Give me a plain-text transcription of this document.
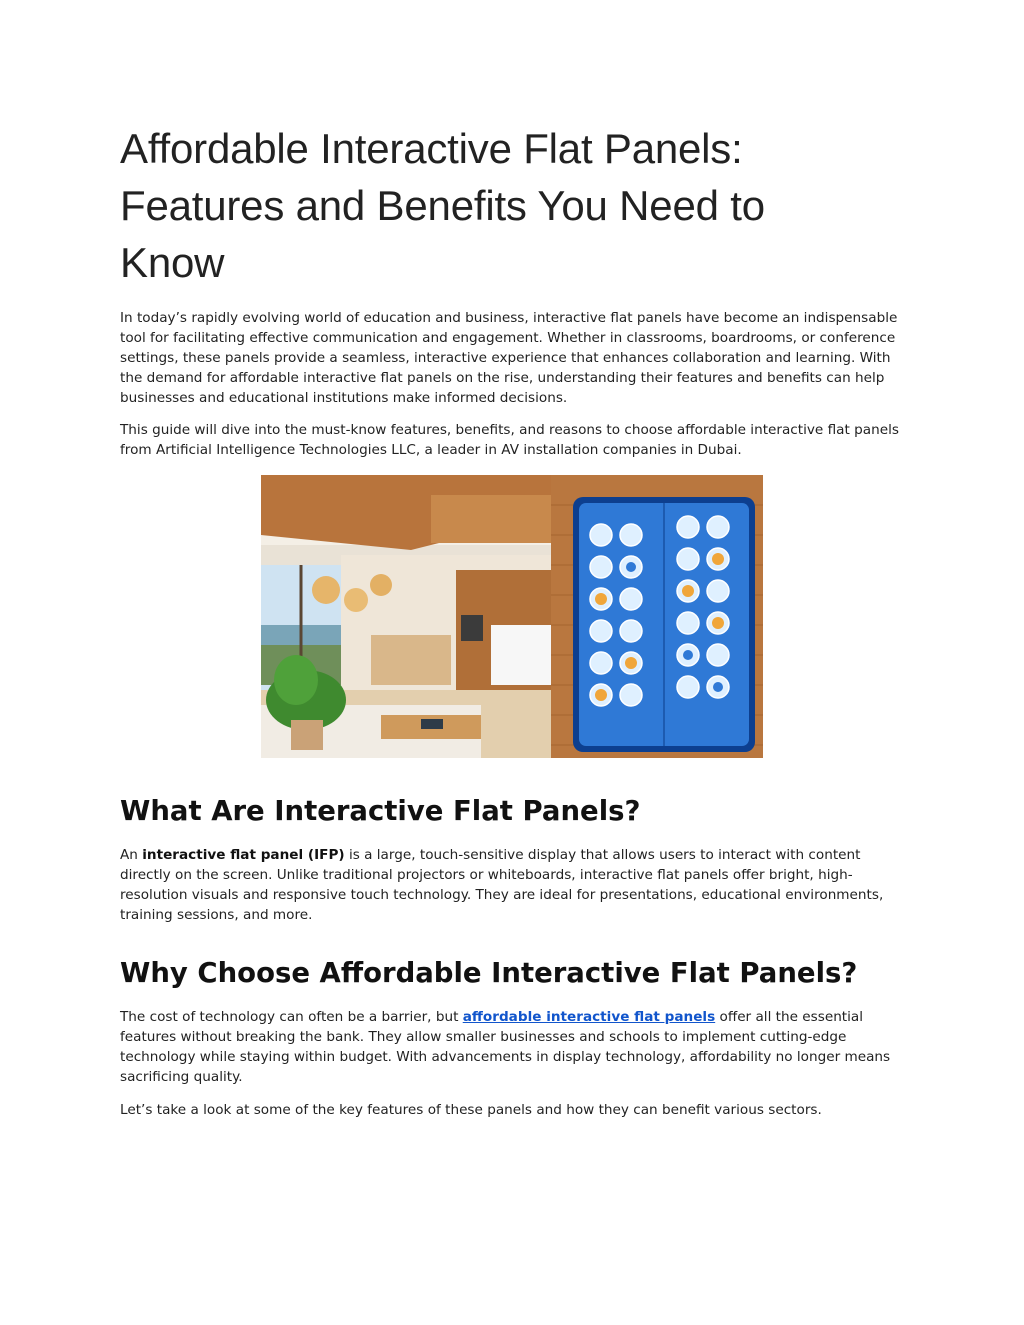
Affordable Interactive Flat Panels: Features and Benefits You Need to Know

In today’s rapidly evolving world of education and business, interactive flat panels have become an indispensable tool for facilitating effective communication and engagement. Whether in classrooms, boardrooms, or conference settings, these panels provide a seamless, interactive experience that enhances collaboration and learning. With the demand for affordable interactive flat panels on the rise, understanding their features and benefits can help businesses and educational institutions make informed decisions.

This guide will dive into the must-know features, benefits, and reasons to choose affordable interactive flat panels from Artificial Intelligence Technologies LLC, a leader in AV installation companies in Dubai.

What Are Interactive Flat Panels?

An interactive flat panel (IFP) is a large, touch-sensitive display that allows users to interact with content directly on the screen. Unlike traditional projectors or whiteboards, interactive flat panels offer bright, high-resolution visuals and responsive touch technology. They are ideal for presentations, educational environments, training sessions, and more.

Why Choose Affordable Interactive Flat Panels?

The cost of technology can often be a barrier, but affordable interactive flat panels offer all the essential features without breaking the bank. They allow smaller businesses and schools to implement cutting-edge technology while staying within budget. With advancements in display technology, affordability no longer means sacrificing quality.

Let’s take a look at some of the key features of these panels and how they can benefit various sectors.
